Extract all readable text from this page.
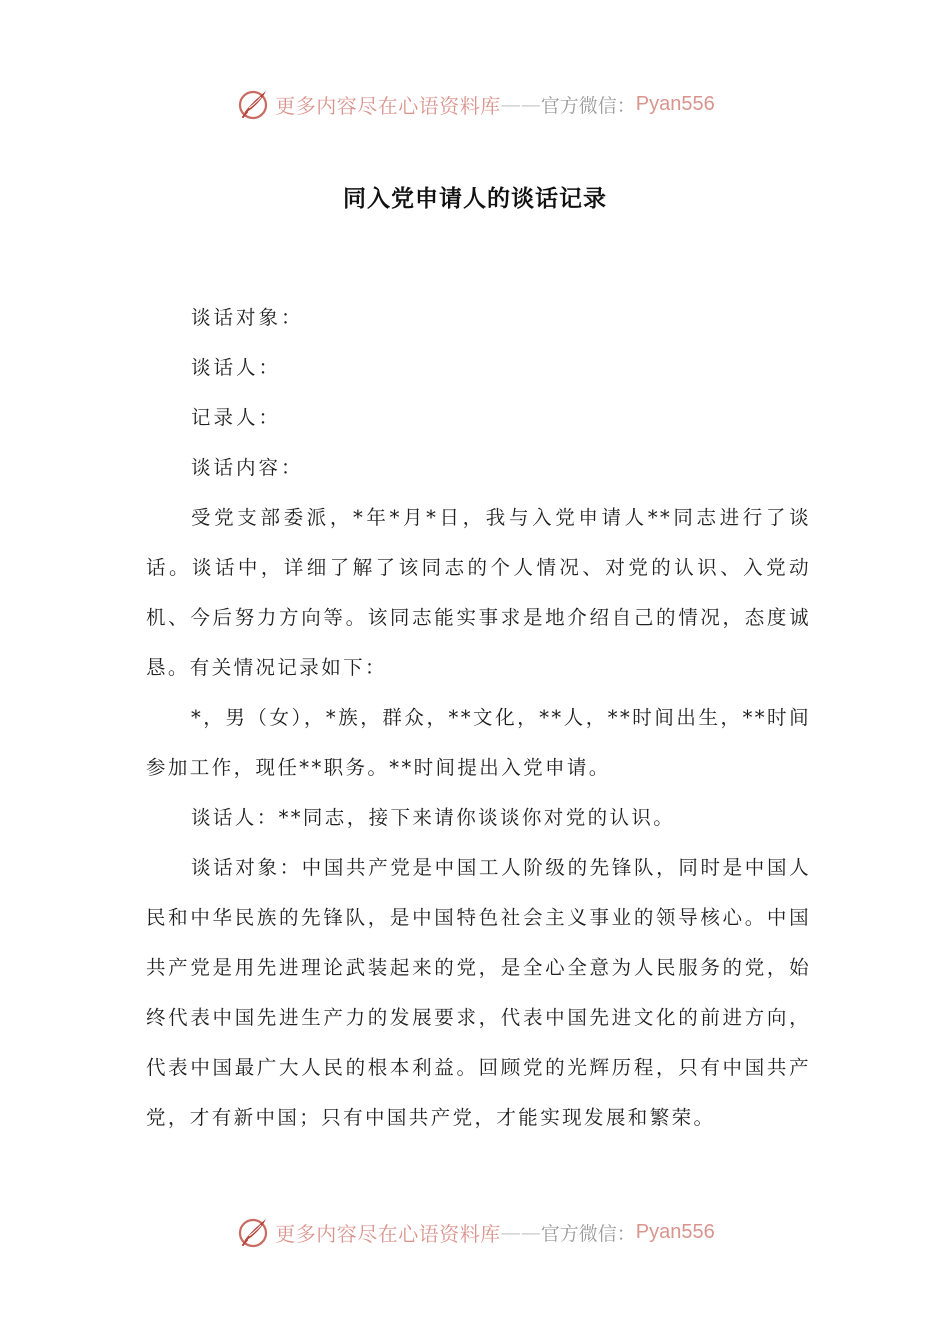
更多内容尽在心语资料库 —— 官方微信： Pyan556
同入党申请人的谈话记录

谈话对象：

谈话人：

记录人：

谈话内容：

受党支部委派，*年*月*日，我与入党申请人**同志进行了谈话。谈话中，详细了解了该同志的个人情况、对党的认识、入党动机、今后努力方向等。该同志能实事求是地介绍自己的情况，态度诚恳。有关情况记录如下：

*，男（女），*族，群众，**文化，**人，**时间出生，**时间参加工作，现任**职务。**时间提出入党申请。

谈话人：**同志，接下来请你谈谈你对党的认识。

谈话对象：中国共产党是中国工人阶级的先锋队，同时是中国人民和中华民族的先锋队，是中国特色社会主义事业的领导核心。中国共产党是用先进理论武装起来的党，是全心全意为人民服务的党，始终代表中国先进生产力的发展要求，代表中国先进文化的前进方向，代表中国最广大人民的根本利益。回顾党的光辉历程，只有中国共产党，才有新中国；只有中国共产党，才能实现发展和繁荣。

更多内容尽在心语资料库 —— 官方微信： Pyan556
